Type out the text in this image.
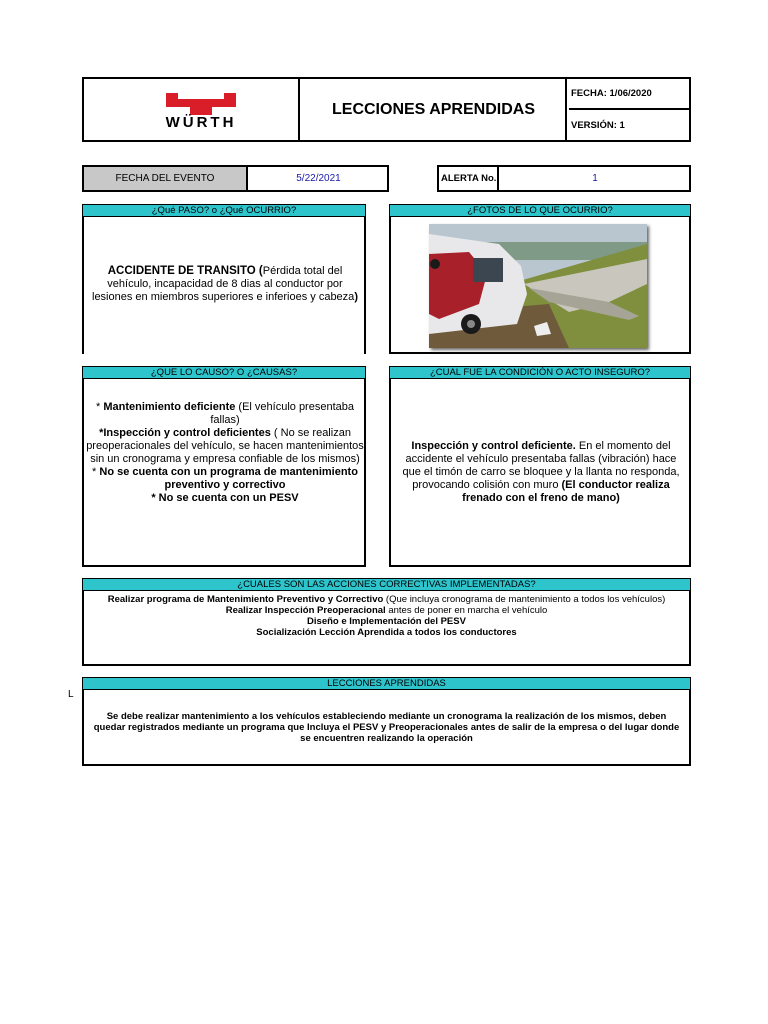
WÜRTH
LECCIONES APRENDIDAS
FECHA: 1/06/2020
VERSIÓN: 1
FECHA DEL EVENTO	5/22/2021	ALERTA No.	1
¿Qué PASO? o ¿Qué OCURRIO?
ACCIDENTE DE TRANSITO (Pérdida total del vehículo, incapacidad de 8 dias al conductor por lesiones en miembros superiores e inferioes y cabeza)
¿FOTOS DE LO QUE OCURRIO?
¿QUE LO CAUSO? O ¿CAUSAS?
* Mantenimiento deficiente (El vehículo presentaba fallas)
*Inspección y control deficientes ( No se realizan preoperacionales del vehículo, se hacen mantenimientos sin un cronograma y empresa confiable de los mismos)
* No se cuenta con un programa de mantenimiento preventivo y correctivo
* No se cuenta con un PESV
¿CUAL FUE LA CONDICIÓN O ACTO INSEGURO?
Inspección y control deficiente. En el momento del accidente el vehículo presentaba fallas (vibración) hace que el timón de carro se bloquee y la llanta no responda, provocando colisión con muro (El conductor realiza frenado con el freno de mano)
¿CUALES SON LAS ACCIONES CORRECTIVAS IMPLEMENTADAS?
Realizar programa de Mantenimiento Preventivo y Correctivo (Que incluya cronograma de mantenimiento a todos los vehículos)
Realizar Inspección Preoperacional antes de poner en marcha el vehículo
Diseño e Implementación del PESV
Socialización Lección Aprendida a todos los conductores
L
LECCIONES APRENDIDAS
Se debe realizar mantenimiento a los vehículos estableciendo mediante un cronograma la realización de los mismos, deben quedar registrados mediante un programa que Incluya el PESV y Preoperacionales antes de salir de la empresa o del lugar donde se encuentren realizando la operación
